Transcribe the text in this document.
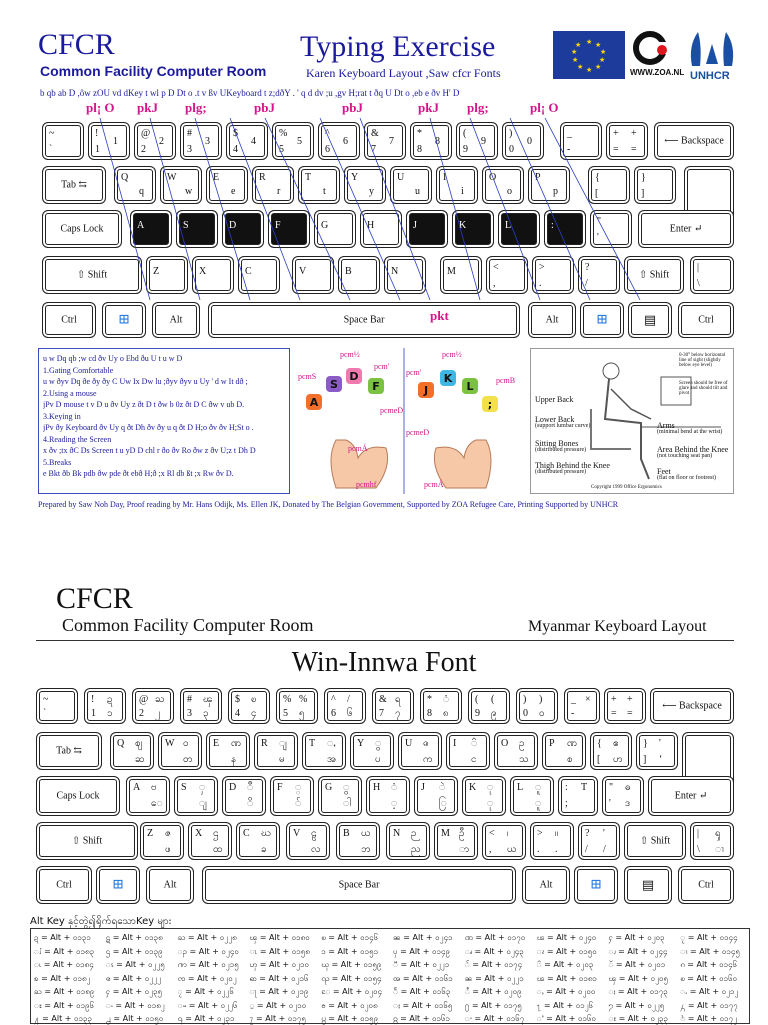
CFCR
Common Facility Computer Room
Typing Exercise
Karen Keyboard Layout ,Saw cfcr Fonts
★ ★
★
★
★
★
★
★
★
★
WWW.ZOA.NL UNHCR
b qb ab D ,ôw zOU vd dKey t wl p D Dt o .t v ßv UKeyboard t z;dðY . ' q d dv ;u ,gv H;rat t ðq U Dt o ,eb e ðv H' D
pl¡ O pkJ plg;	pbJ	pbJ	pkJ plg;	pl¡ O
~
`
!
1
1
@
2
2
#
3
3
$
4
4
%
5
5
^
6
6
&
7
7
*
8
8
(
9
9
)
0
0
_
-
+
=
+
=
⟵ Backspace
Tab ⇆
Q
q
W
w
E
e
R
r
T
t
Y
y
U
u
I
i
O
o
P
p
{
[
}
]
Caps Lock	A	S	D	F	G	H	J	K	L	:	"
'
Enter ↵
⇧ Shift	Z	X	C	V	B	N	M	<
,
>
.
?
/
⇧ Shift
|
\
Ctrl	⊞	Alt	Space Bar	Alt	⊞	▤	Ctrl
pkt
u w Dq qb ;w cd ðv Uy o Ebd ðu U t u w D
1.Gating Comfortable
u w ðyv Dq ðe ðy ðy C Uw Ix Dw lu ;ðyv ðyv u Uy ' d w It dð ;
2.Using a mouse
jPv D mouse t v D u ðv Uy z ðt D t ðw b 0z ðt D C ðw v ub D.
3.Keying in
jPv ðy Keyboard ðv Uy q ðt Dh ðv ðy u q ðt D H;o ðv ðv H;St o .
4.Reading the Screen
x ðv ;tx ðC Ds Screen t u yD D chl r ðo ðv Ro ðw z ðv U;z t Dh D
5.Breaks
e Bkt ðb Bk pdb ðw pde ðt ebð H;ð ;x Rl db ßt ;x Rw ðv D.
A
S
D
F	J
K
L
;
pcm½
pcmS
pcm'
pcmeD
pcmÁ
pcmhf
pcm½
pcmB
pcm'
pcmeD
pcmÁ
Upper Back
Lower Back
(support lumbar curve)
Sitting Bones
(distributed pressure)
Thigh Behind the Knee
(distributed pressure)
Arms
(minimal bend at the wrist)
Area Behind the Knee
(not touching seat pan)
Feet
(flat on floor or footrest)
Screen should be free of glare and should tilt and pivot
0-30° below horizontal line of sight (slightly below eye level)
Copyright 1999 Office Ergonomics
Prepared by Saw Noh Day, Proof reading by Mr. Hans Odijk, Ms. Ellen JK, Donated by The Belgian Government, Supported by ZOA Refugee Care, Printing Supported by UNHCR
CFCR
Common Facility Computer Room	Myanmar Keyboard Layout
Win-Innwa Font
~
`
!
1
ဍ
၁
@
2
ႀ
၂
#
3
ၾ
၃
$
4
ၿ
၄
%
5
%
၅
^
6
/
၆
&
7
ရ
၇
*
8
ံ
၈
(
9
(
၉
)
0
)
၀
_
-
× +
=
+
=
⟵ Backspace
Tab ⇆
Q ဈ
ဆ
W ဝ
တ
E ဏ
န
R ျ
မ
T ႇ
အ
Y ွ
ပ
U ၷ
က
I ၳ
င
O ဥ
သ
P ဏ
စ
{
[
ဧ
ဟ
}
]
'
‘
Caps Lock
A ဗ
ေ
S ှ
ျ
D ီ
ိ
F ္
်
G ွ
ါ
H ံ
့
J ဲ
ြ
K ု
ု
L ူ
ူ
:
;
T "
'
ဓ
ဒ
Enter ↵
⇧ Shift
Z ဇ
ဖ
X ဌ
ထ
C ဃ
ခ
V ဠ
လ
B ယ
ဘ
N ဉ
ည
M ဦ
ာ
<
,
၊
ယ
>
.
။
.
?
/
'
/
⇧ Shift
|
\
ၡ
ၢ
Ctrl	⊞	Alt	Space Bar	Alt	⊞	▤	Ctrl
Alt Key နှင့်တွဲ၍ရိုက်ရသောKey များ
ဍ = Alt + ၀၁၃၁ ဋ = Alt + ၀၁၃၈ ႀ = Alt + ၀၂၂၈ ၾ = Alt + ၀၁၈၀ ၿ = Alt + ၀၁၄၆ ၼ = Alt + ၀၂၄၁ ဏ = Alt + ၀၁၇၀ ၽ = Alt + ၀၂၄၀ ႁ = Alt + ၀၂၀၃ ႂ = Alt + ၀၁၄၄
ၨ = Alt + ၀၁၈၃ ဌ = Alt + ၀၁၃၉ ၣ = Alt + ၀၂၄၀ ၤ = Alt + ၀၁၅၈ ၥ = Alt + ၀၁၅၁ ၦ = Alt + ၀၁၄၉ ၧ = Alt + ၀၂၄၃ ၩ = Alt + ၀၁၅၀ ၪ = Alt + ၀၂၄၄ ၫ = Alt + ၀၁၄၅
ၬ = Alt + ၀၁၈၄ ၭ = Alt + ၀၂၂၅ ၮ = Alt + ၀၂၁၅ ၯ = Alt + ၀၂၁၀ ၰ = Alt + ၀၁၅၉ ၱ = Alt + ၀၂၂၁ ၲ = Alt + ၀၁၇၄ ၳ = Alt + ၀၂၀၃ ၴ = Alt + ၀၂၀၁ ၵ = Alt + ၀၁၄၆
ၶ = Alt + ၀၁၈၂ ၷ = Alt + ၀၂၂၂ ၸ = Alt + ၀၂၀၂ ၹ = Alt + ၀၂၁၆ ၺ = Alt + ၀၁၅၄ ၻ = Alt + ၀၁၆၁ ၼ = Alt + ၀၂၂၁ ၽ = Alt + ၀၁၈၁ ၾ = Alt + ၀၂၀၅ ၿ = Alt + ၀၁၆၀
ႀ = Alt + ၀၁၈၉ ႁ = Alt + ၀၂၃၅ ႂ = Alt + ၀၂၂၆ ႃ = Alt + ၀၂၁၉ ႄ = Alt + ၀၂၀၄ ႅ = Alt + ၀၁၆၃ ႆ = Alt + ၀၂၀၉ ႇ = Alt + ၀၂၀၀ ႈ = Alt + ၀၁၇၃ ႉ = Alt + ၀၂၁၂
ႊ = Alt + ၀၁၉၆ ႋ = Alt + ၀၁၈၂ ႌ = Alt + ၀၂၂၆ ႍ = Alt + ၀၂၁၀ ႎ = Alt + ၀၂၀၈ ႏ = Alt + ၀၁၆၅ ႐ = Alt + ၀၁၇၅ ႑ = Alt + ၀၁၂၆ ႒ = Alt + ၀၂၂၅ ႓ = Alt + ၀၁၇၇
႔ = Alt + ၀၁၃၃ ႕ = Alt + ၀၁၅၀ ႖ = Alt + ၀၂၃၁ ႗ = Alt + ၀၁၇၅ ႘ = Alt + ၀၁၅၉ ႙ = Alt + ၀၁၆၁ ႚ = Alt + ၀၁၆၇ ႛ = Alt + ၀၁၆၀ ႜ = Alt + ၀၂၃၃ ႝ = Alt + ၀၁၇၂
